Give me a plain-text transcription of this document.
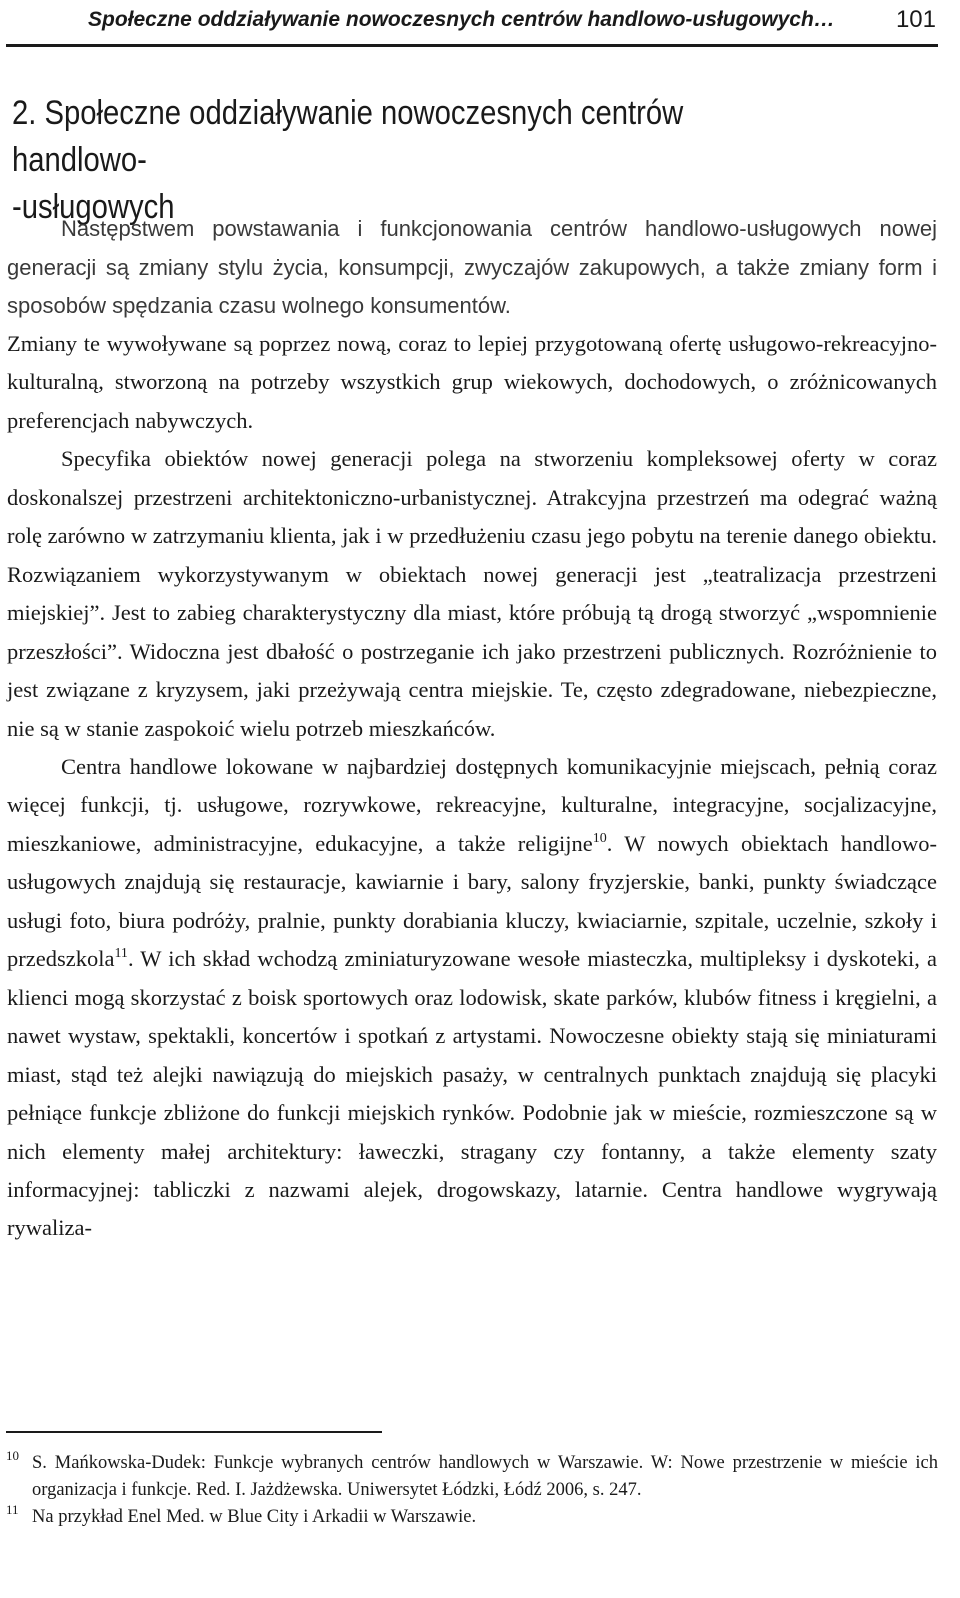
Społeczne oddziaływanie nowoczesnych centrów handlowo-usługowych…	101
2. Społeczne oddziaływanie nowoczesnych centrów handlowo-
-usługowych

Następstwem powstawania i funkcjonowania centrów handlowo-usługowych nowej generacji są zmiany stylu życia, konsumpcji, zwyczajów zakupowych, a także zmiany form i sposobów spędzania czasu wolnego konsumentów.

Zmiany te wywoływane są poprzez nową, coraz to lepiej przygotowaną ofertę usługowo-rekreacyjno-kulturalną, stworzoną na potrzeby wszystkich grup wiekowych, dochodowych, o zróżnicowanych preferencjach nabywczych.

Specyfika obiektów nowej generacji polega na stworzeniu kompleksowej oferty w coraz doskonalszej przestrzeni architektoniczno-urbanistycznej. Atrakcyjna przestrzeń ma odegrać ważną rolę zarówno w zatrzymaniu klienta, jak i w przedłużeniu czasu jego pobytu na terenie danego obiektu. Rozwiązaniem wykorzystywanym w obiektach nowej generacji jest „teatralizacja przestrzeni miejskiej”. Jest to zabieg charakterystyczny dla miast, które próbują tą drogą stworzyć „wspomnienie przeszłości”. Widoczna jest dbałość o postrzeganie ich jako przestrzeni publicznych. Rozróżnienie to jest związane z kryzysem, jaki przeżywają centra miejskie. Te, często zdegradowane, niebezpieczne, nie są w stanie zaspokoić wielu potrzeb mieszkańców.

Centra handlowe lokowane w najbardziej dostępnych komunikacyjnie miejscach, pełnią coraz więcej funkcji, tj. usługowe, rozrywkowe, rekreacyjne, kulturalne, integracyjne, socjalizacyjne, mieszkaniowe, administracyjne, edukacyjne, a także religijne$^{10}$. W nowych obiektach handlowo-usługowych znajdują się restauracje, kawiarnie i bary, salony fryzjerskie, banki, punkty świadczące usługi foto, biura podróży, pralnie, punkty dorabiania kluczy, kwiaciarnie, szpitale, uczelnie, szkoły i przedszkola$^{11}$. W ich skład wchodzą zminiaturyzowane wesołe miasteczka, multipleksy i dyskoteki, a klienci mogą skorzystać z boisk sportowych oraz lodowisk, skate parków, klubów fitness i kręgielni, a nawet wystaw, spektakli, koncertów i spotkań z artystami. Nowoczesne obiekty stają się miniaturami miast, stąd też alejki nawiązują do miejskich pasaży, w centralnych punktach znajdują się placyki pełniące funkcje zbliżone do funkcji miejskich rynków. Podobnie jak w mieście, rozmieszczone są w nich elementy małej architektury: ławeczki, stragany czy fontanny, a także elementy szaty informacyjnej: tabliczki z nazwami alejek, drogowskazy, latarnie. Centra handlowe wygrywają rywaliza-

10 S. Mańkowska-Dudek: Funkcje wybranych centrów handlowych w Warszawie. W: Nowe przestrzenie w mieście ich organizacja i funkcje. Red. I. Jażdżewska. Uniwersytet Łódzki, Łódź 2006, s. 247.
11 Na przykład Enel Med. w Blue City i Arkadii w Warszawie.
